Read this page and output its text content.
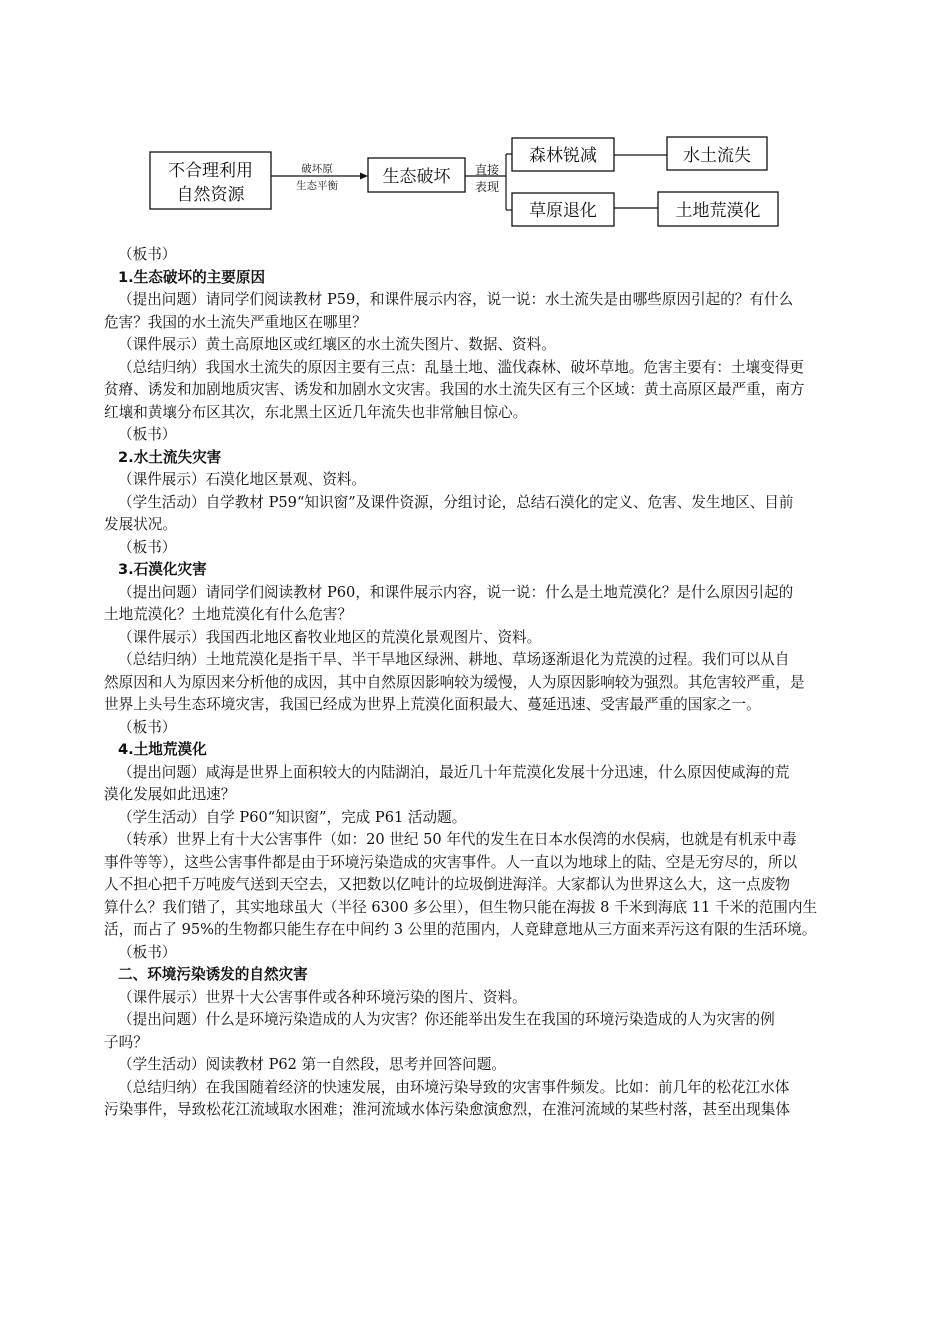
不合理利用
自然资源
破坏原
生态平衡	生态破坏 直接
表现
森林锐减	水土流失
草原退化	土地荒漠化
（板书）
1.生态破坏的主要原因
（提出问题）请同学们阅读教材 P59，和课件展示内容，说一说：水土流失是由哪些原因引起的？有什么
危害？我国的水土流失严重地区在哪里？
（课件展示）黄土高原地区或红壤区的水土流失图片、数据、资料。
（总结归纳）我国水土流失的原因主要有三点：乱垦土地、滥伐森林、破坏草地。危害主要有：土壤变得更
贫瘠、诱发和加剧地质灾害、诱发和加剧水文灾害。我国的水土流失区有三个区域：黄土高原区最严重，南方
红壤和黄壤分布区其次，东北黑土区近几年流失也非常触目惊心。
（板书）
2.水土流失灾害
（课件展示）石漠化地区景观、资料。
（学生活动）自学教材 P59“知识窗”及课件资源，分组讨论，总结石漠化的定义、危害、发生地区、目前
发展状况。
（板书）
3.石漠化灾害
（提出问题）请同学们阅读教材 P60，和课件展示内容，说一说：什么是土地荒漠化？是什么原因引起的
土地荒漠化？土地荒漠化有什么危害？
（课件展示）我国西北地区畜牧业地区的荒漠化景观图片、资料。
（总结归纳）土地荒漠化是指干旱、半干旱地区绿洲、耕地、草场逐渐退化为荒漠的过程。我们可以从自
然原因和人为原因来分析他的成因，其中自然原因影响较为缓慢，人为原因影响较为强烈。其危害较严重，是
世界上头号生态环境灾害，我国已经成为世界上荒漠化面积最大、蔓延迅速、受害最严重的国家之一。
（板书）
4.土地荒漠化
（提出问题）咸海是世界上面积较大的内陆湖泊，最近几十年荒漠化发展十分迅速，什么原因使咸海的荒
漠化发展如此迅速？
（学生活动）自学 P60“知识窗”，完成 P61 活动题。
（转承）世界上有十大公害事件（如：20 世纪 50 年代的发生在日本水俣湾的水俣病，也就是有机汞中毒
事件等等），这些公害事件都是由于环境污染造成的灾害事件。人一直以为地球上的陆、空是无穷尽的，所以
人不担心把千万吨废气送到天空去，又把数以亿吨计的垃圾倒进海洋。大家都认为世界这么大，这一点废物
算什么？我们错了，其实地球虽大（半径 6300 多公里），但生物只能在海拔 8 千米到海底 11 千米的范围内生
活，而占了 95%的生物都只能生存在中间约 3 公里的范围内，人竟肆意地从三方面来弄污这有限的生活环境。
（板书）
二、环境污染诱发的自然灾害
（课件展示）世界十大公害事件或各种环境污染的图片、资料。
（提出问题）什么是环境污染造成的人为灾害？你还能举出发生在我国的环境污染造成的人为灾害的例
子吗？
（学生活动）阅读教材 P62 第一自然段，思考并回答问题。
（总结归纳）在我国随着经济的快速发展，由环境污染导致的灾害事件频发。比如：前几年的松花江水体
污染事件，导致松花江流域取水困难；淮河流域水体污染愈演愈烈，在淮河流域的某些村落，甚至出现集体
